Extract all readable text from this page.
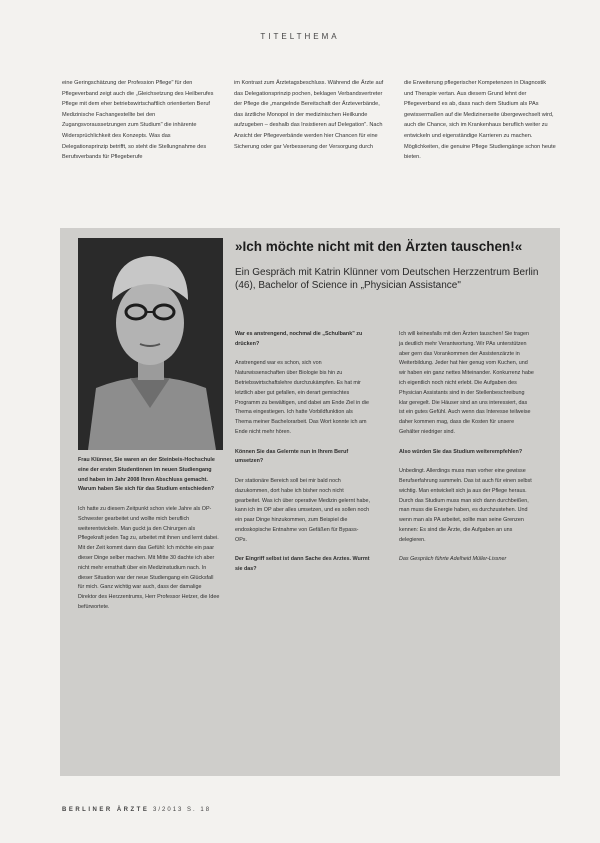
TITELTHEMA

eine Geringschätzung der Profession Pflege" für den Pflegeverband zeigt auch die „Gleichsetzung des Heilberufes Pflege mit dem eher betriebswirtschaftlich orientierten Beruf Medizinische Fachangestellte bei den Zugangsvoraussetzungen zum Studium" die inhärente Widersprüchlichkeit des Konzepts. Was das Delegationsprinzip betrifft, so steht die Stellungnahme des Berufsverbands für Pflegeberufe

im Kontrast zum Ärztetagsbeschluss. Während die Ärzte auf das Delegationsprinzip pochen, beklagen Verbandsvertreter der Pflege die „mangelnde Bereitschaft der Ärzteverbände, das ärztliche Monopol in der medizinischen Heilkunde aufzugeben – deshalb das Insistieren auf Delegation". Nach Ansicht der Pflegeverbände werden hier Chancen für eine Sicherung oder gar Verbesserung der Versorgung durch

die Erweiterung pflegerischer Kompetenzen in Diagnostik und Therapie vertan. Aus diesem Grund lehnt der Pflegeverband es ab, dass nach dem Studium als PAs gewissermaßen auf die Medizinerseite übergewechselt wird, auch die Chance, sich im Krankenhaus beruflich weiter zu entwickeln und eigenständige Karrieren zu machen. Möglichkeiten, die genuine Pflege Studiengänge schon heute bieten.

»Ich möchte nicht mit den Ärzten tauschen!«
Ein Gespräch mit Katrin Klünner vom Deutschen Herzzentrum Berlin (46), Bachelor of Science in „Physician Assistance"

Frau Klünner, Sie waren an der Steinbeis-Hochschule eine der ersten Studentinnen im neuen Studiengang und haben im Jahr 2008 Ihren Abschluss gemacht. Warum haben Sie sich für das Studium entschieden?

Ich hatte zu diesem Zeitpunkt schon viele Jahre als OP-Schwester gearbeitet und wollte mich beruflich weiterentwickeln. Man guckt ja den Chirurgen als Pflegekraft jeden Tag zu, arbeitet mit ihnen und lernt dabei. Mit der Zeit kommt dann das Gefühl: Ich möchte ein paar dieser Dinge selber machen. Mit Mitte 30 dachte ich aber nicht mehr ernsthaft über ein Medizinstudium nach. In dieser Situation war der neue Studiengang ein Glücksfall für mich. Ganz wichtig war auch, dass der damalige Direktor des Herzzentrums, Herr Professor Hetzer, die Idee befürwortete.

War es anstrengend, nochmal die „Schulbank" zu drücken?

Anstrengend war es schon, sich von Naturwissenschaften über Biologie bis hin zu Betriebswirtschaftslehre durchzukämpfen. Es hat mir letztlich aber gut gefallen, ein derart gemischtes Programm zu bewältigen, und dabei am Ende Ziel in die Thema eingestiegen. Ich hatte Vorbildfunktion als Thema meiner Bachelorarbeit. Das Wort konnte ich am Ende nicht mehr hören.

Können Sie das Gelernte nun in Ihrem Beruf umsetzen?

Der stationäre Bereich soll bei mir bald noch dazukommen, dort habe ich bisher noch nicht gearbeitet. Was ich über operative Medizin gelernt habe, kann ich im OP aber alles umsetzen, und es sollen noch ein paar Dinge hinzukommen, zum Beispiel die endoskopische Entnahme von Gefäßen für Bypass-OPs.

Der Eingriff selbst ist dann Sache des Arztes. Wurmt sie das?

Ich will keinesfalls mit den Ärzten tauschen! Sie tragen ja deutlich mehr Verantwortung. Wir PAs unterstützen aber gern das Vorankommen der Assistenzärzte in Weiterbildung. Jeder hat hier genug vom Kuchen, und wir haben ein ganz nettes Miteinander. Konkurrenz habe ich eigentlich noch nicht erlebt. Die Aufgaben des Physician Assistants sind in der Stellenbeschreibung klar geregelt. Die Häuser sind an uns interessiert, das ist ein gutes Gefühl. Auch wenn das Interesse teilweise daher kommen mag, dass die Kosten für unsere Gehälter niedriger sind.

Also würden Sie das Studium weiterempfehlen?

Unbedingt. Allerdings muss man vorher eine gewisse Berufserfahrung sammeln. Das ist auch für einen selbst wichtig. Man entwickelt sich ja aus der Pflege heraus. Durch das Studium muss man sich dann durchbeißen, man muss die Energie haben, es durchzustehen. Und wenn man als PA arbeitet, sollte man seine Grenzen kennen: Es sind die Ärzte, die Aufgaben an uns delegieren.

Das Gespräch führte Adelheid Müller-Lissner

BERLINER ÄRZTE 3/2013 S. 18
